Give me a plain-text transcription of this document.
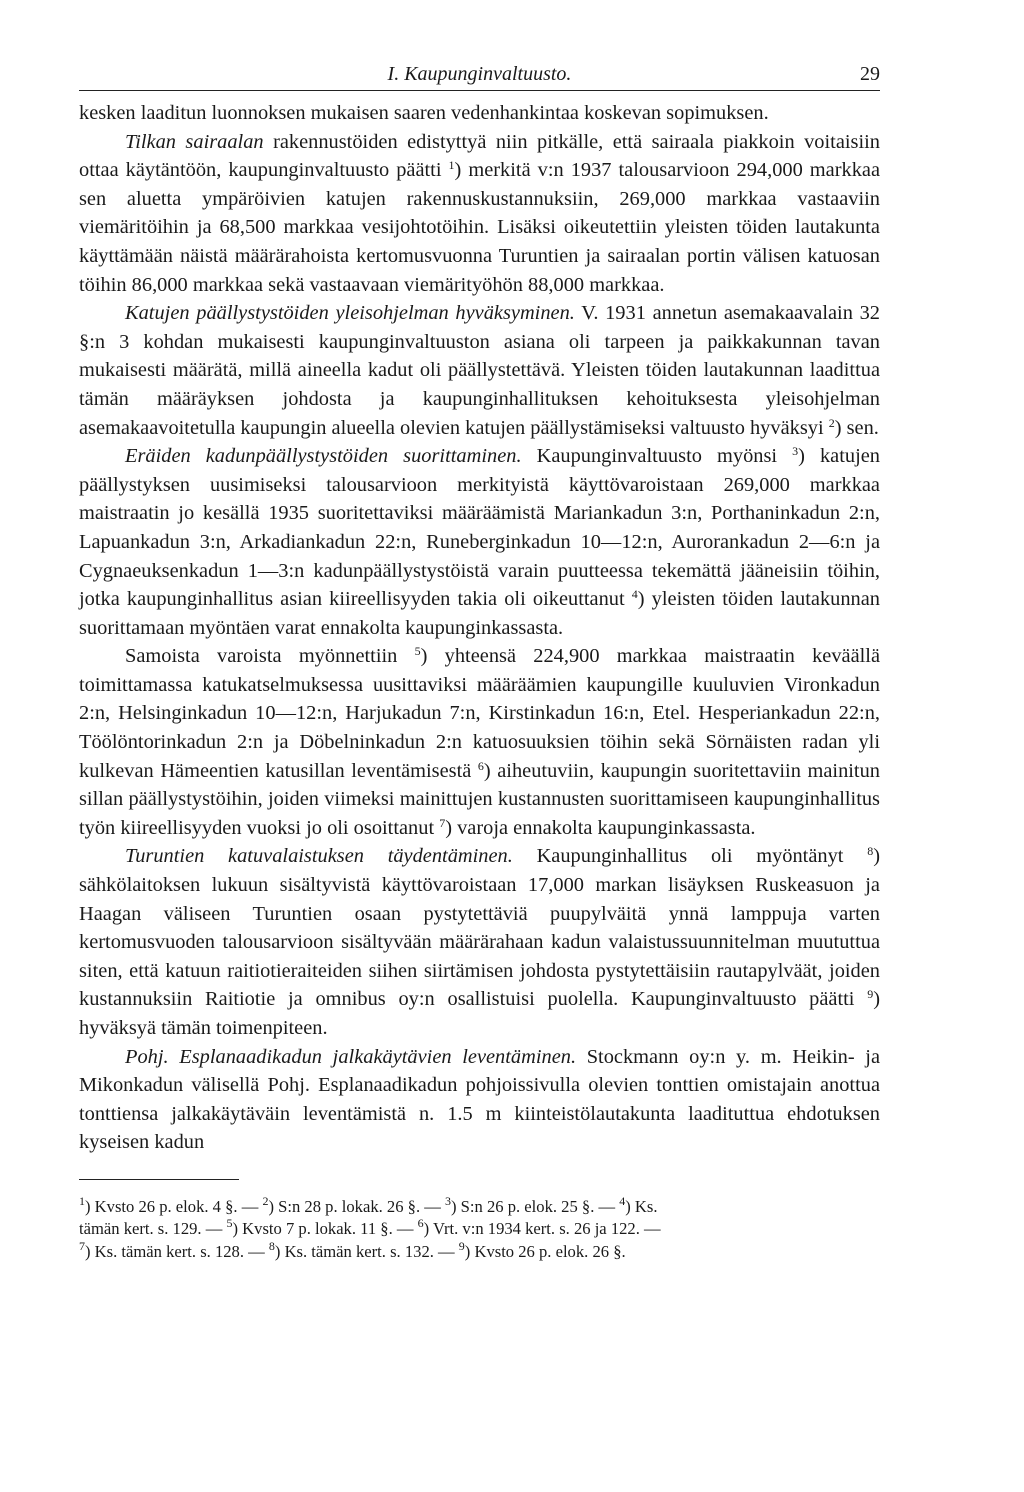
I. Kaupunginvaltuusto.	29

kesken laaditun luonnoksen mukaisen saaren vedenhankintaa koskevan sopimuksen.

Tilkan sairaalan rakennustöiden edistyttyä niin pitkälle, että sairaala piakkoin voitaisiin ottaa käytäntöön, kaupunginvaltuusto päätti $^1$) merkitä v:n 1937 talousarvioon 294,000 markkaa sen aluetta ympäröivien katujen rakennuskustannuksiin, 269,000 markkaa vastaaviin viemäritöihin ja 68,500 markkaa vesijohtotöihin. Lisäksi oikeutettiin yleisten töiden lautakunta käyttämään näistä määrärahoista kertomusvuonna Turuntien ja sairaalan portin välisen katuosan töihin 86,000 markkaa sekä vastaavaan viemärityöhön 88,000 markkaa.

Katujen päällystystöiden yleisohjelman hyväksyminen. V. 1931 annetun asemakaavalain 32 §:n 3 kohdan mukaisesti kaupunginvaltuuston asiana oli tarpeen ja paikkakunnan tavan mukaisesti määrätä, millä aineella kadut oli päällystettävä. Yleisten töiden lautakunnan laadittua tämän määräyksen johdosta ja kaupunginhallituksen kehoituksesta yleisohjelman asemakaavoitetulla kaupungin alueella olevien katujen päällystämiseksi valtuusto hyväksyi $^2$) sen.

Eräiden kadunpäällystystöiden suorittaminen. Kaupunginvaltuusto myönsi $^3$) katujen päällystyksen uusimiseksi talousarvioon merkityistä käyttövaroistaan 269,000 markkaa maistraatin jo kesällä 1935 suoritettaviksi määräämistä Mariankadun 3:n, Porthaninkadun 2:n, Lapuankadun 3:n, Arkadiankadun 22:n, Runeberginkadun 10—12:n, Aurorankadun 2—6:n ja Cygnaeuksenkadun 1—3:n kadunpäällystystöistä varain puutteessa tekemättä jääneisiin töihin, jotka kaupunginhallitus asian kiireellisyyden takia oli oikeuttanut $^4$) yleisten töiden lautakunnan suorittamaan myöntäen varat ennakolta kaupunginkassasta.

Samoista varoista myönnettiin $^5$) yhteensä 224,900 markkaa maistraatin keväällä toimittamassa katukatselmuksessa uusittaviksi määräämien kaupungille kuuluvien Vironkadun 2:n, Helsinginkadun 10—12:n, Harjukadun 7:n, Kirstinkadun 16:n, Etel. Hesperiankadun 22:n, Töölöntorinkadun 2:n ja Döbelninkadun 2:n katuosuuksien töihin sekä Sörnäisten radan yli kulkevan Hämeentien katusillan leventämisestä $^6$) aiheutuviin, kaupungin suoritettaviin mainitun sillan päällystystöihin, joiden viimeksi mainittujen kustannusten suorittamiseen kaupunginhallitus työn kiireellisyyden vuoksi jo oli osoittanut $^7$) varoja ennakolta kaupunginkassasta.

Turuntien katuvalaistuksen täydentäminen. Kaupunginhallitus oli myöntänyt $^8$) sähkölaitoksen lukuun sisältyvistä käyttövaroistaan 17,000 markan lisäyksen Ruskeasuon ja Haagan väliseen Turuntien osaan pystytettäviä puupylväitä ynnä lamppuja varten kertomusvuoden talousarvioon sisältyvään määrärahaan kadun valaistussuunnitelman muututtua siten, että katuun raitiotieraiteiden siihen siirtämisen johdosta pystytettäisiin rautapylväät, joiden kustannuksiin Raitiotie ja omnibus oy:n osallistuisi puolella. Kaupunginvaltuusto päätti $^9$) hyväksyä tämän toimenpiteen.

Pohj. Esplanaadikadun jalkakäytävien leventäminen. Stockmann oy:n y. m. Heikin- ja Mikonkadun välisellä Pohj. Esplanaadikadun pohjoissivulla olevien tonttien omistajain anottua tonttiensa jalkakäytäväin leventämistä n. 1.5 m kiinteistölautakunta laadituttua ehdotuksen kyseisen kadun

$^1$) Kvsto 26 p. elok. 4 §. — $^2$) S:n 28 p. lokak. 26 §. — $^3$) S:n 26 p. elok. 25 §. — $^4$) Ks.
tämän kert. s. 129. — $^5$) Kvsto 7 p. lokak. 11 §. — $^6$) Vrt. v:n 1934 kert. s. 26 ja 122. —
$^7$) Ks. tämän kert. s. 128. — $^8$) Ks. tämän kert. s. 132. — $^9$) Kvsto 26 p. elok. 26 §.
